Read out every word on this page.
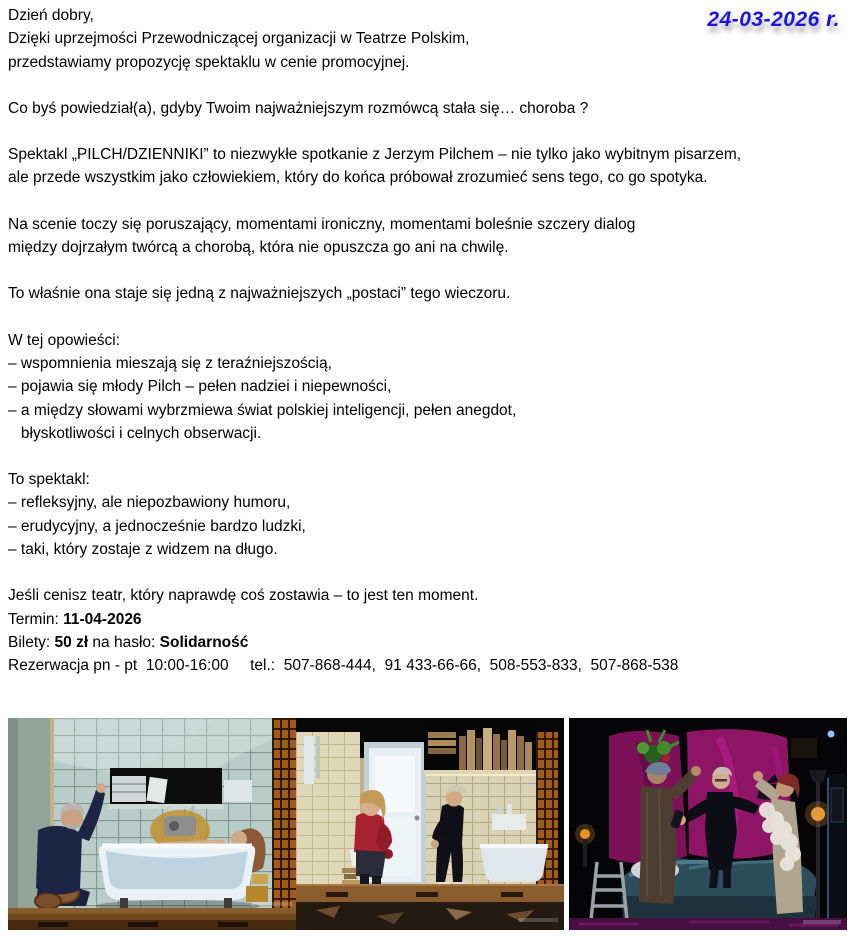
24-03-2026 r.
Dzień dobry,
Dzięki uprzejmości Przewodniczącej organizacji w Teatrze Polskim,
przedstawiamy propozycję spektaklu w cenie promocyjnej.
Co byś powiedział(a), gdyby Twoim najważniejszym rozmówcą stała się… choroba ?
Spektakl „PILCH/DZIENNIKI” to niezwykłe spotkanie z Jerzym Pilchem – nie tylko jako wybitnym pisarzem,
ale przede wszystkim jako człowiekiem, który do końca próbował zrozumieć sens tego, co go spotyka.
Na scenie toczy się poruszający, momentami ironiczny, momentami boleśnie szczery dialog
między dojrzałym twórcą a chorobą, która nie opuszcza go ani na chwilę.
To właśnie ona staje się jedną z najważniejszych „postaci” tego wieczoru.
W tej opowieści:
– wspomnienia mieszają się z teraźniejszością,
– pojawia się młody Pilch – pełen nadziei i niepewności,
– a między słowami wybrzmiewa świat polskiej inteligencji, pełen anegdot,
błyskotliwości i celnych obserwacji.
To spektakl:
– refleksyjny, ale niepozbawiony humoru,
– erudycyjny, a jednocześnie bardzo ludzki,
– taki, który zostaje z widzem na długo.
Jeśli cenisz teatr, który naprawdę coś zostawia – to jest ten moment.
Termin: 11-04-2026
Bilety: 50 zł na hasło: Solidarność
Rezerwacja pn - pt  10:00-16:00     tel.:  507-868-444,  91 433-66-66,  508-553-833,  507-868-538
